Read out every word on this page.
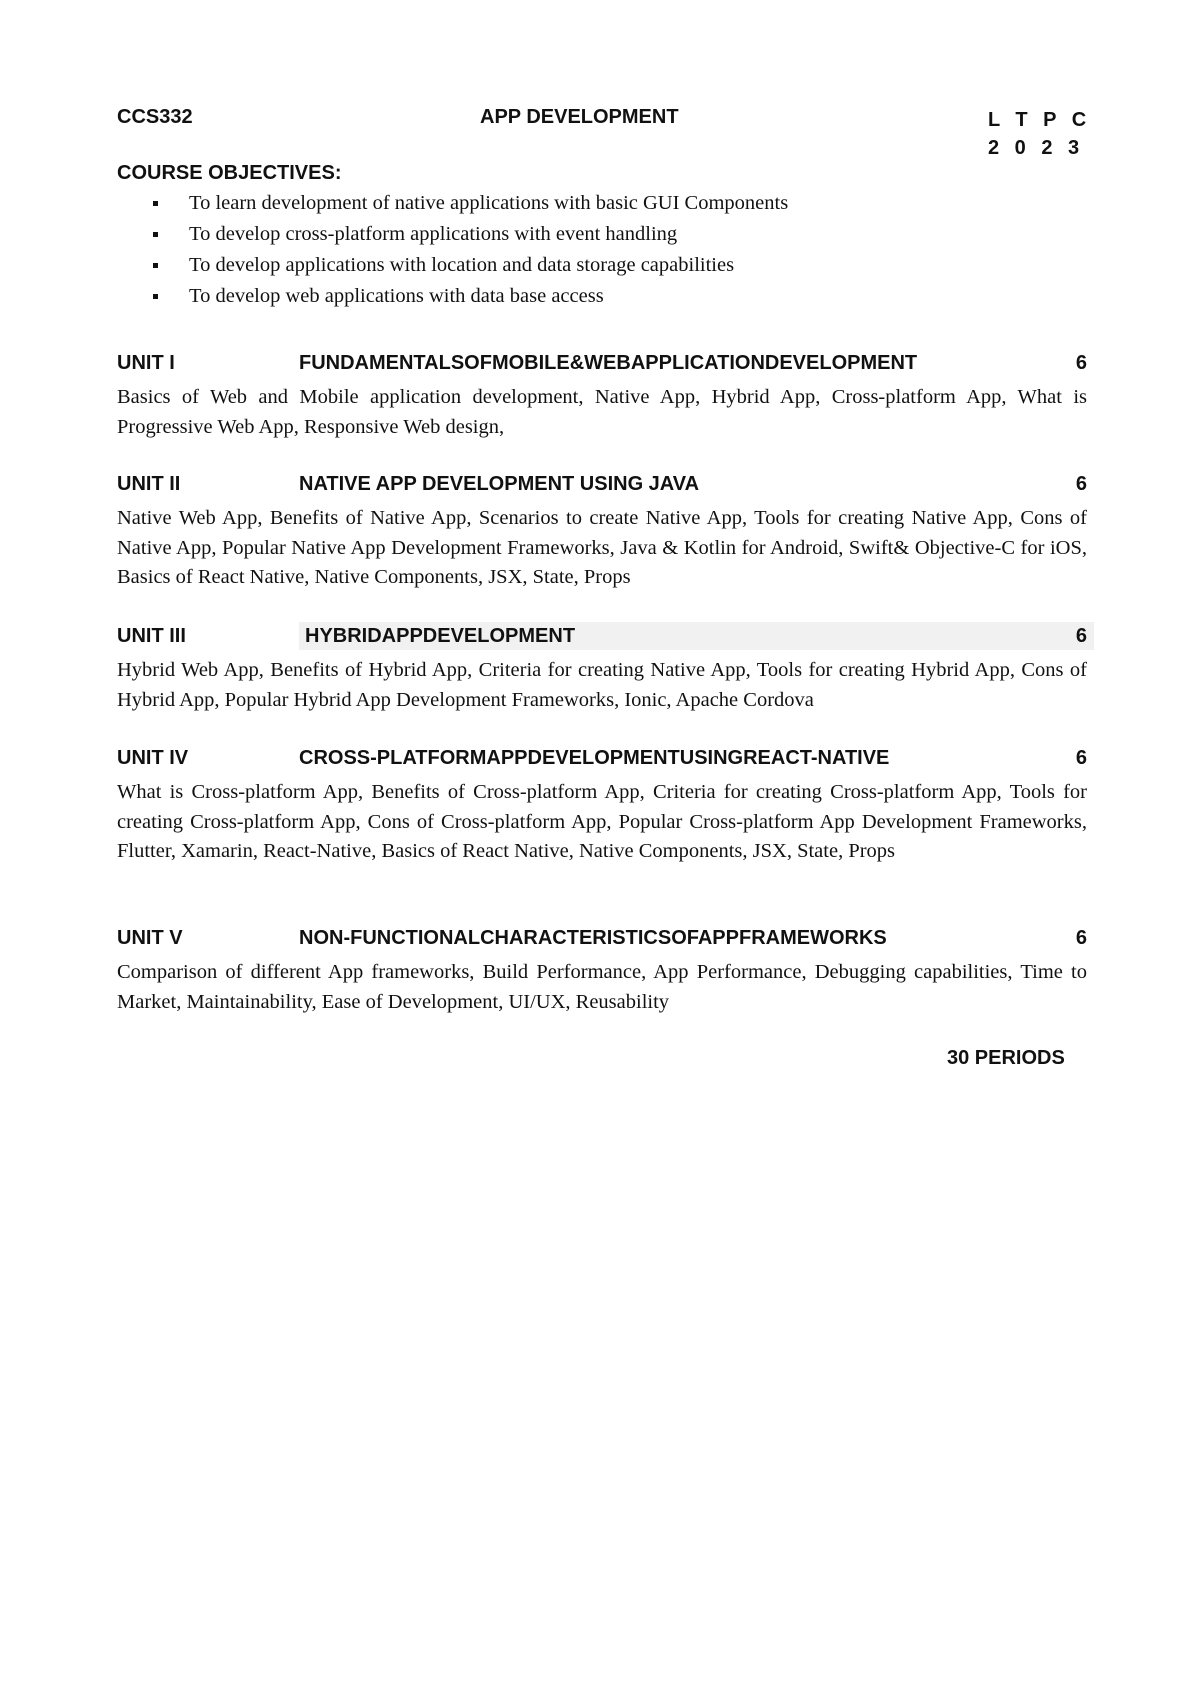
CCS332	APP DEVELOPMENT	L T P C
2 0 2 3
COURSE OBJECTIVES:
To learn development of native applications with basic GUI Components
To develop cross-platform applications with event handling
To develop applications with location and data storage capabilities
To develop web applications with data base access
UNIT I	FUNDAMENTALSOFMOBILE&WEBAPPLICATIONDEVELOPMENT	6
Basics of Web and Mobile application development, Native App, Hybrid App, Cross-platform App, What is Progressive Web App, Responsive Web design,
UNIT II	NATIVE APP DEVELOPMENT USING JAVA	6
Native Web App, Benefits of Native App, Scenarios to create Native App, Tools for creating Native App, Cons of Native App, Popular Native App Development Frameworks, Java & Kotlin for Android, Swift& Objective-C for iOS, Basics of React Native, Native Components, JSX, State, Props
UNIT III	HYBRIDAPPDEVELOPMENT	6
Hybrid Web App, Benefits of Hybrid App, Criteria for creating Native App, Tools for creating Hybrid App, Cons of Hybrid App, Popular Hybrid App Development Frameworks, Ionic, Apache Cordova
UNIT IV	CROSS-PLATFORMAPPDEVELOPMENTUSINGREACT-NATIVE	6
What is Cross-platform App, Benefits of Cross-platform App, Criteria for creating Cross-platform App, Tools for creating Cross-platform App, Cons of Cross-platform App, Popular Cross-platform App Development Frameworks, Flutter, Xamarin, React-Native, Basics of React Native, Native Components, JSX, State, Props
UNIT V	NON-FUNCTIONALCHARACTERISTICSOFAPPFRAMEWORKS	6
Comparison of different App frameworks, Build Performance, App Performance, Debugging capabilities, Time to Market, Maintainability, Ease of Development, UI/UX, Reusability
30 PERIODS
